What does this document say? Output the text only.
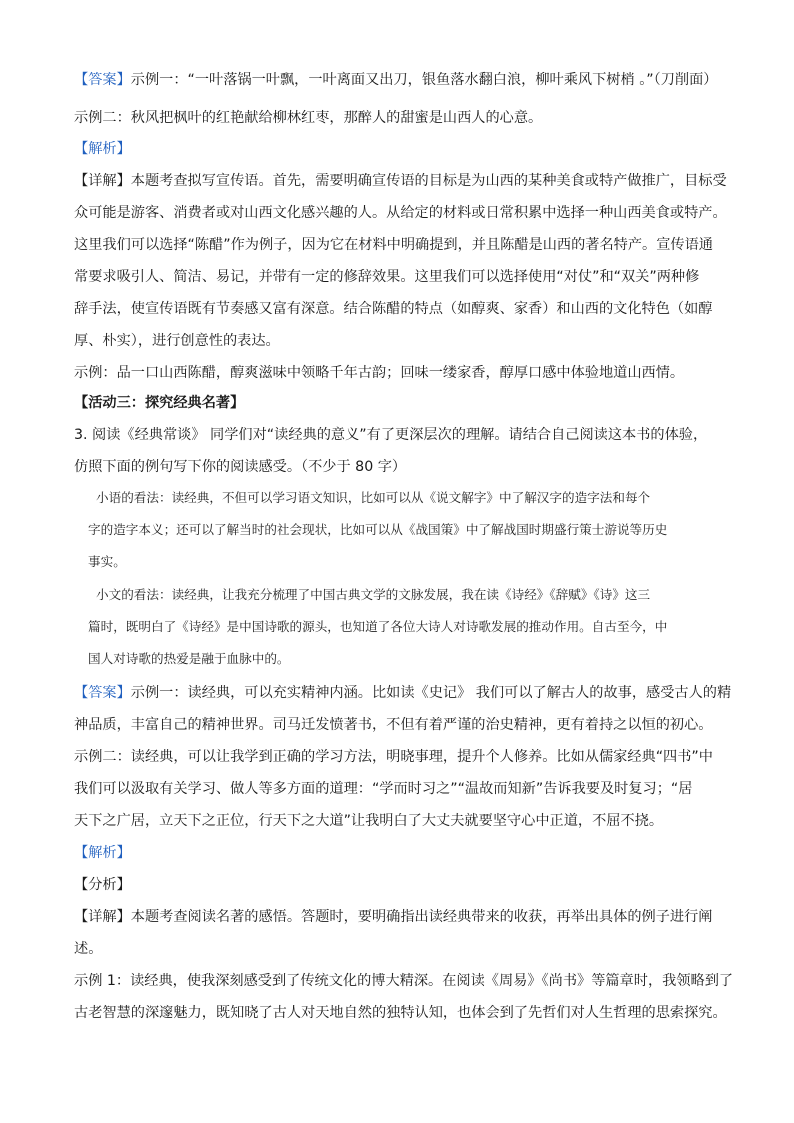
【答案】示例一：“一叶落锅一叶飘，一叶离面又出刀，银鱼落水翻白浪，柳叶乘风下树梢 。”（刀削面）
示例二：秋风把枫叶的红艳献给柳林红枣，那醉人的甜蜜是山西人的心意。
【解析】
【详解】本题考查拟写宣传语。首先，需要明确宣传语的目标是为山西的某种美食或特产做推广，目标受
众可能是游客、消费者或对山西文化感兴趣的人。从给定的材料或日常积累中选择一种山西美食或特产。
这里我们可以选择“陈醋”作为例子，因为它在材料中明确提到，并且陈醋是山西的著名特产。宣传语通
常要求吸引人、简洁、易记，并带有一定的修辞效果。这里我们可以选择使用“对仗”和“双关”两种修
辞手法，使宣传语既有节奏感又富有深意。结合陈醋的特点（如醇爽、家香）和山西的文化特色（如醇
厚、朴实），进行创意性的表达。
示例：品一口山西陈醋，醇爽滋味中领略千年古韵；回味一缕家香，醇厚口感中体验地道山西情。
【活动三：探究经典名著】
3. 阅读《经典常谈》 同学们对“读经典的意义”有了更深层次的理解。请结合自己阅读这本书的体验，
仿照下面的例句写下你的阅读感受。（不少于 80 字）
小语的看法：读经典，不但可以学习语文知识，比如可以从《说文解字》中了解汉字的造字法和每个
字的造字本义；还可以了解当时的社会现状，比如可以从《战国策》中了解战国时期盛行策士游说等历史
事实。
小文的看法：读经典，让我充分梳理了中国古典文学的文脉发展，我在读《诗经》《辞赋》《诗》这三
篇时，既明白了《诗经》是中国诗歌的源头，也知道了各位大诗人对诗歌发展的推动作用。自古至今，中
国人对诗歌的热爱是融于血脉中的。
【答案】示例一：读经典，可以充实精神内涵。比如读《史记》 我们可以了解古人的故事，感受古人的精
神品质，丰富自己的精神世界。司马迁发愤著书，不但有着严谨的治史精神，更有着持之以恒的初心。
示例二：读经典，可以让我学到正确的学习方法，明晓事理，提升个人修养。比如从儒家经典“四书”中
我们可以汲取有关学习、做人等多方面的道理：“学而时习之”“温故而知新”告诉我要及时复习；“居
天下之广居，立天下之正位，行天下之大道”让我明白了大丈夫就要坚守心中正道，不屈不挠。
【解析】
【分析】
【详解】本题考查阅读名著的感悟。答题时，要明确指出读经典带来的收获，再举出具体的例子进行阐
述。
示例 1：读经典，使我深刻感受到了传统文化的博大精深。在阅读《周易》《尚书》等篇章时，我领略到了
古老智慧的深邃魅力，既知晓了古人对天地自然的独特认知，也体会到了先哲们对人生哲理的思索探究。
